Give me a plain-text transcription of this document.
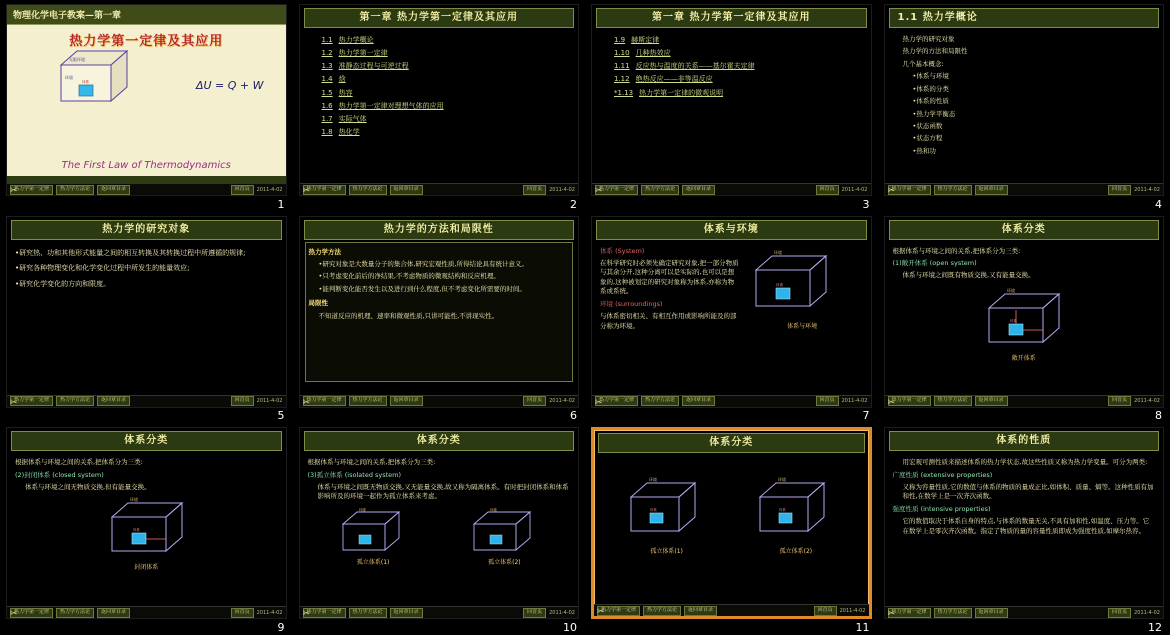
物理化学电子教案—第一章
热力学第一定律及其应用
无限环境
环境
体系	ΔU = Q + W
The First Law of Thermodynamics
热力学第一定律	热力学方法论	返回章目录	回首页	2011-4-02
✂
1
第一章 热力学第一定律及其应用
1.1 热力学概论
1.2 热力学第一定律
1.3 准静态过程与可逆过程
1.4 焓
1.5 热容
1.6 热力学第一定律对理想气体的应用
1.7 实际气体
1.8 热化学
热力学第一定律	热力学方法论	返回章目录	回首页	2011-4-02
✂
2
第一章 热力学第一定律及其应用
1.9 赫斯定律
1.10 几种热效应
1.11 反应热与温度的关系——基尔霍夫定律
1.12 绝热反应——非等温反应
*1.13 热力学第一定律的微观说明
热力学第一定律	热力学方法论	返回章目录	回首页	2011-4-02
✂
3
1.1 热力学概论
热力学的研究对象
热力学的方法和局限性
几个基本概念:
•体系与环境
•体系的分类
•体系的性质
•热力学平衡态
•状态函数
•状态方程
•热和功
热力学第一定律	热力学方法论	返回章目录	回首页	2011-4-02
✂
4
热力学的研究对象
•研究热、功和其他形式能量之间的相互转换及其转换过程中所遵循的规律;
•研究各种物理变化和化学变化过程中所发生的能量效应;
•研究化学变化的方向和限度。
热力学第一定律	热力学方法论	返回章目录	回首页	2011-4-02
✂
5
热力学的方法和局限性
热力学方法
•研究对象是大数量分子的集合体,研究宏观性质,所得结论具有统计意义。
•只考虑变化前后的净结果,不考虑物质的微观结构和反应机理。
•能判断变化能否发生以及进行到什么程度,但不考虑变化所需要的时间。
局限性
不知道反应的机理、速率和微观性质,只讲可能性,不讲现实性。
热力学第一定律	热力学方法论	返回章目录	回首页	2011-4-02
✂
6
体系与环境
体系 (System)
在科学研究时必须先确定研究对象,把一部分物质与其余分开,这种分离可以是实际的,也可以是想象的,这种被划定的研究对象称为体系,亦称为物系或系统。
环境 (surroundings)
与体系密切相关、有相互作用或影响所能及的部分称为环境。
环境
体系
体系与环境
热力学第一定律	热力学方法论	返回章目录	回首页	2011-4-02
✂
7
体系分类
根据体系与环境之间的关系,把体系分为三类:
(1)敞开体系 (open system)
体系与环境之间既有物质交换,又有能量交换。
环境
体系
敞开体系
热力学第一定律	热力学方法论	返回章目录	回首页	2011-4-02
✂
8
体系分类
根据体系与环境之间的关系,把体系分为三类:
(2)封闭体系 (closed system)
体系与环境之间无物质交换,但有能量交换。
环境
体系
封闭体系
热力学第一定律	热力学方法论	返回章目录	回首页	2011-4-02
✂
9
体系分类
根据体系与环境之间的关系,把体系分为三类:
(3)孤立体系 (isolated system)
体系与环境之间既无物质交换,又无能量交换,故又称为隔离体系。有时把封闭体系和体系影响所及的环境一起作为孤立体系来考虑。
环境
孤立体系(1)
环境
孤立体系(2)
热力学第一定律	热力学方法论	返回章目录	回首页	2011-4-02
✂
10
体系分类
环境
体系
孤立体系(1)
环境
体系
孤立体系(2)
热力学第一定律	热力学方法论	返回章目录	回首页	2011-4-02
✂
11
体系的性质
用宏观可测性质来描述体系的热力学状态,故这些性质又称为热力学变量。可分为两类:
广度性质 (extensive properties)
又称为容量性质,它的数值与体系的物质的量成正比,如体积、质量、熵等。这种性质有加和性,在数学上是一次齐次函数。
强度性质 (intensive properties)
它的数值取决于体系自身的特点,与体系的数量无关,不具有加和性,如温度、压力等。它在数学上是零次齐次函数。指定了物质的量的容量性质即成为强度性质,如摩尔热容。
热力学第一定律	热力学方法论	返回章目录	回首页	2011-4-02
✂
12
